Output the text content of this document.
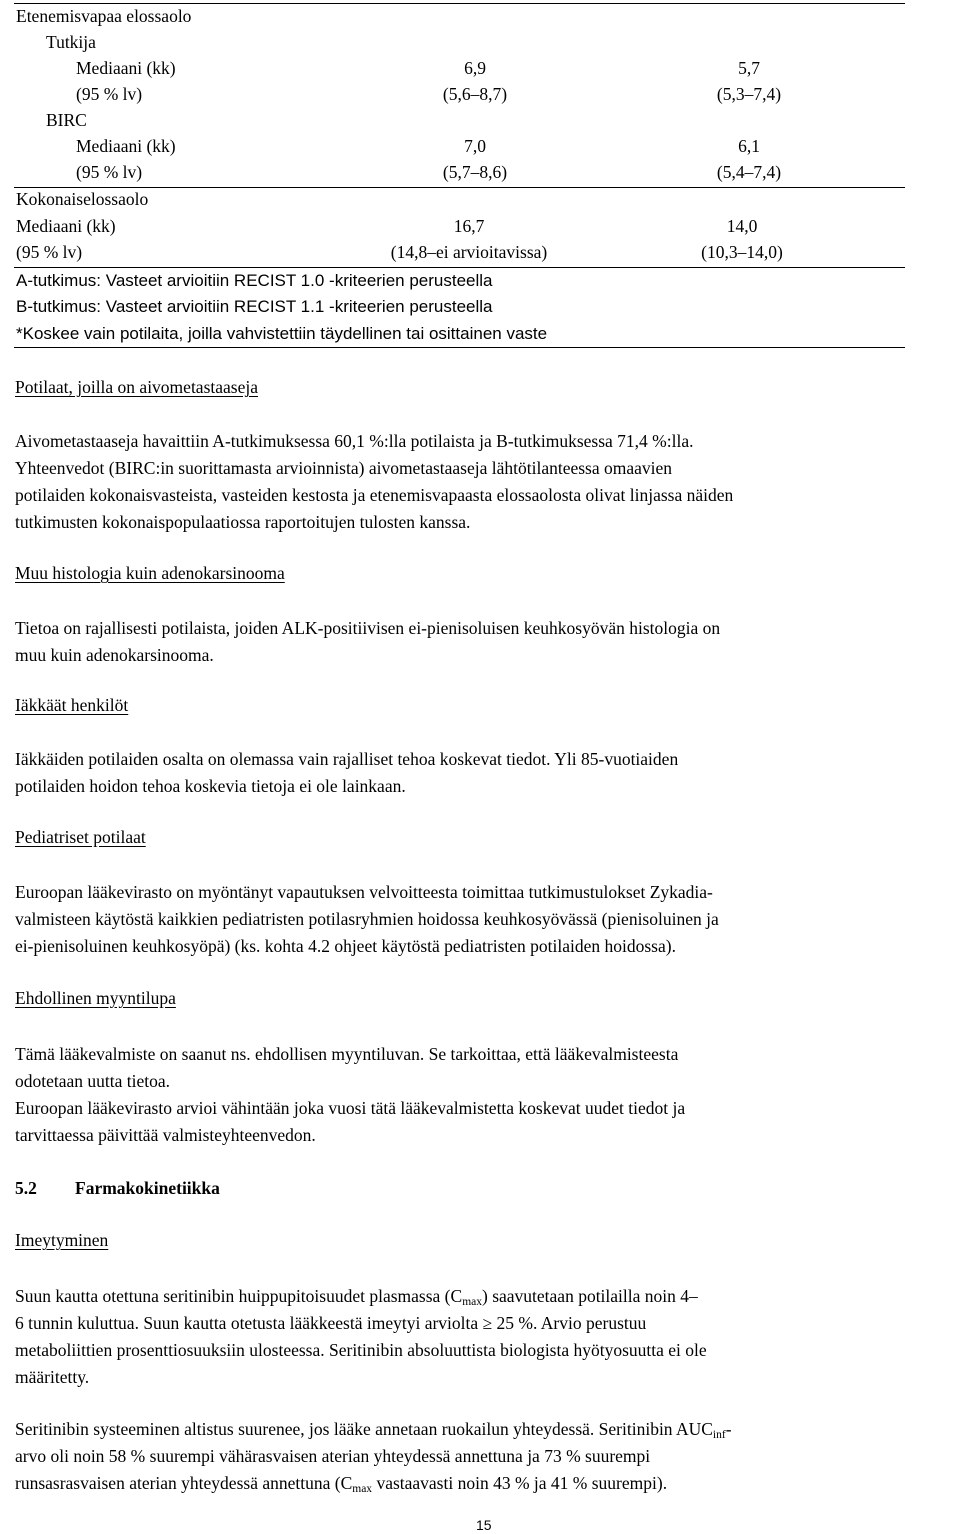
Etenemisvapaa elossaolo
Tutkija
Mediaani (kk)
(95 % lv)
6,9
(5,6–8,7)
5,7
(5,3–7,4)
BIRC
Mediaani (kk)
(95 % lv)
7,0
(5,7–8,6)
6,1
(5,4–7,4)
Kokonaiselossaolo
Mediaani (kk)
(95 % lv)
16,7
(14,8–ei arvioitavissa)
14,0
(10,3–14,0)
A-tutkimus: Vasteet arvioitiin RECIST 1.0 -kriteerien perusteella
B-tutkimus: Vasteet arvioitiin RECIST 1.1 -kriteerien perusteella
*Koskee vain potilaita, joilla vahvistettiin täydellinen tai osittainen vaste
Potilaat, joilla on aivometastaaseja
Aivometastaaseja havaittiin A-tutkimuksessa 60,1 %:lla potilaista ja B-tutkimuksessa 71,4 %:lla.
Yhteenvedot (BIRC:in suorittamasta arvioinnista) aivometastaaseja lähtötilanteessa omaavien
potilaiden kokonaisvasteista, vasteiden kestosta ja etenemisvapaasta elossaolosta olivat linjassa näiden
tutkimusten kokonaispopulaatiossa raportoitujen tulosten kanssa.
Muu histologia kuin adenokarsinooma
Tietoa on rajallisesti potilaista, joiden ALK-positiivisen ei-pienisoluisen keuhkosyövän histologia on
muu kuin adenokarsinooma.
Iäkkäät henkilöt
Iäkkäiden potilaiden osalta on olemassa vain rajalliset tehoa koskevat tiedot. Yli 85-vuotiaiden
potilaiden hoidon tehoa koskevia tietoja ei ole lainkaan.
Pediatriset potilaat
Euroopan lääkevirasto on myöntänyt vapautuksen velvoitteesta toimittaa tutkimustulokset Zykadia-
valmisteen käytöstä kaikkien pediatristen potilasryhmien hoidossa keuhkosyövässä (pienisoluinen ja
ei-pienisoluinen keuhkosyöpä) (ks. kohta 4.2 ohjeet käytöstä pediatristen potilaiden hoidossa).
Ehdollinen myyntilupa
Tämä lääkevalmiste on saanut ns. ehdollisen myyntiluvan. Se tarkoittaa, että lääkevalmisteesta
odotetaan uutta tietoa.
Euroopan lääkevirasto arvioi vähintään joka vuosi tätä lääkevalmistetta koskevat uudet tiedot ja
tarvittaessa päivittää valmisteyhteenvedon.
5.2 Farmakokinetiikka
Imeytyminen
Suun kautta otettuna seritinibin huippupitoisuudet plasmassa $(C_{max})$ saavutetaan potilailla noin 4–
6 tunnin kuluttua. Suun kautta otetusta lääkkeestä imeytyi arviolta ≥ 25 %. Arvio perustuu
metaboliittien prosenttiosuuksiin ulosteessa. Seritinibin absoluuttista biologista hyötyosuutta ei ole
määritetty.
Seritinibin systeeminen altistus suurenee, jos lääke annetaan ruokailun yhteydessä. Seritinibin $AUC_{inf}-$
arvo oli noin 58 % suurempi vähärasvaisen aterian yhteydessä annettuna ja 73 % suurempi
runsasrasvaisen aterian yhteydessä annettuna ($C_{max}$ vastaavasti noin 43 % ja 41 % suurempi).
15
